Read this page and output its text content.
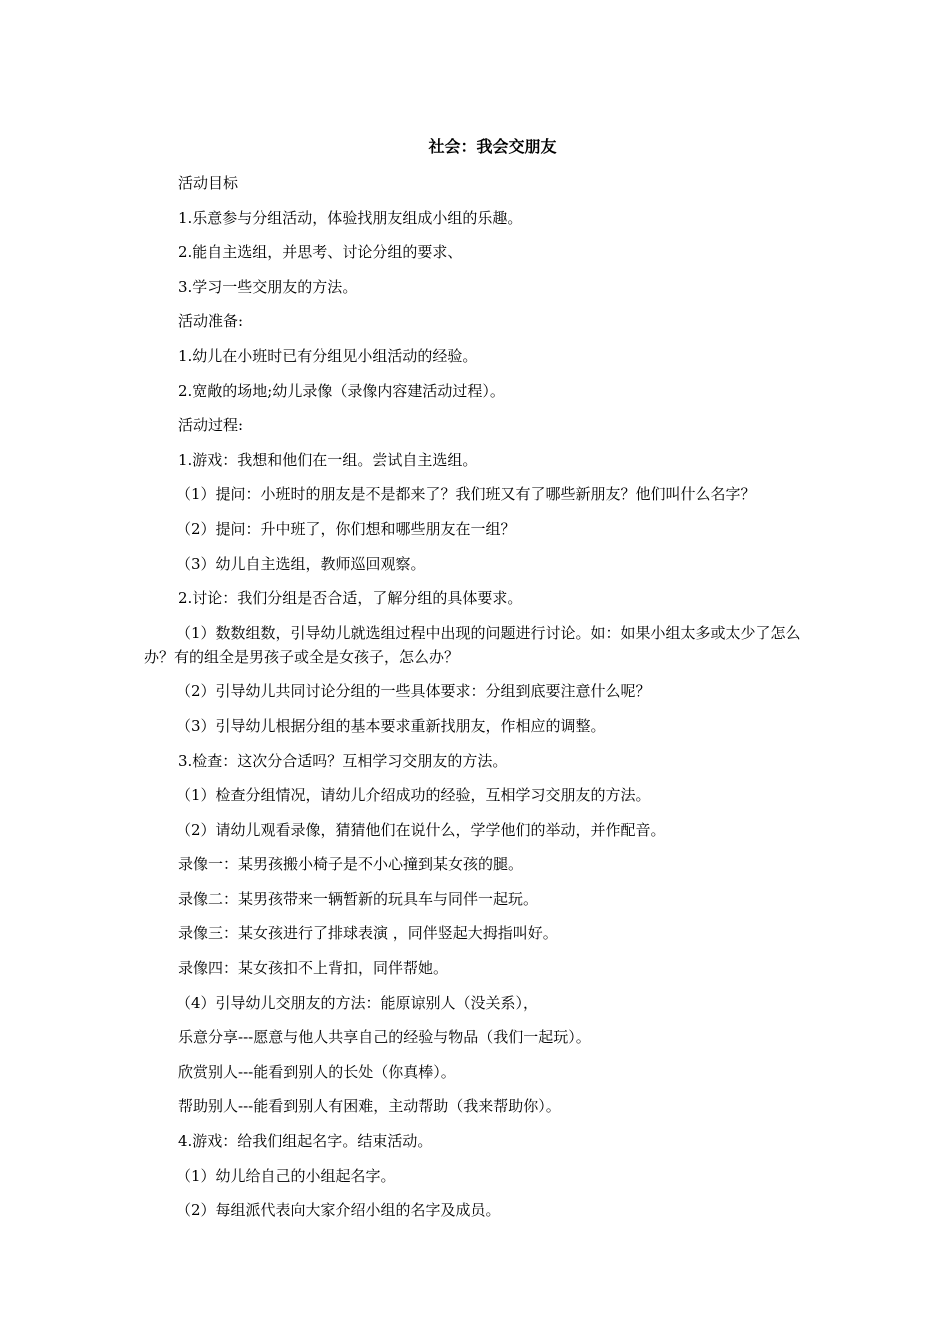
社会：我会交朋友
活动目标
1.乐意参与分组活动，体验找朋友组成小组的乐趣。
2.能自主选组，并思考、讨论分组的要求、
3.学习一些交朋友的方法。
活动准备:
1.幼儿在小班时已有分组见小组活动的经验。
2.宽敞的场地;幼儿录像（录像内容建活动过程）。
活动过程:
1.游戏：我想和他们在一组。尝试自主选组。
（1）提问：小班时的朋友是不是都来了？我们班又有了哪些新朋友？他们叫什么名字？
（2）提问：升中班了，你们想和哪些朋友在一组？
（3）幼儿自主选组，教师巡回观察。
2.讨论：我们分组是否合适，了解分组的具体要求。
（1）数数组数，引导幼儿就选组过程中出现的问题进行讨论。如：如果小组太多或太少了怎么办？有的组全是男孩子或全是女孩子，怎么办？
（2）引导幼儿共同讨论分组的一些具体要求：分组到底要注意什么呢？
（3）引导幼儿根据分组的基本要求重新找朋友，作相应的调整。
3.检查：这次分合适吗？互相学习交朋友的方法。
（1）检查分组情况，请幼儿介绍成功的经验，互相学习交朋友的方法。
（2）请幼儿观看录像，猜猜他们在说什么，学学他们的举动，并作配音。
录像一：某男孩搬小椅子是不小心撞到某女孩的腿。
录像二：某男孩带来一辆暂新的玩具车与同伴一起玩。
录像三：某女孩进行了排球表演 ，同伴竖起大拇指叫好。
录像四：某女孩扣不上背扣，同伴帮她。
（4）引导幼儿交朋友的方法：能原谅别人（没关系），
乐意分享---愿意与他人共享自己的经验与物品（我们一起玩）。
欣赏别人---能看到别人的长处（你真棒）。
帮助别人---能看到别人有困难，主动帮助（我来帮助你）。
4.游戏：给我们组起名字。结束活动。
（1）幼儿给自己的小组起名字。
（2）每组派代表向大家介绍小组的名字及成员。
